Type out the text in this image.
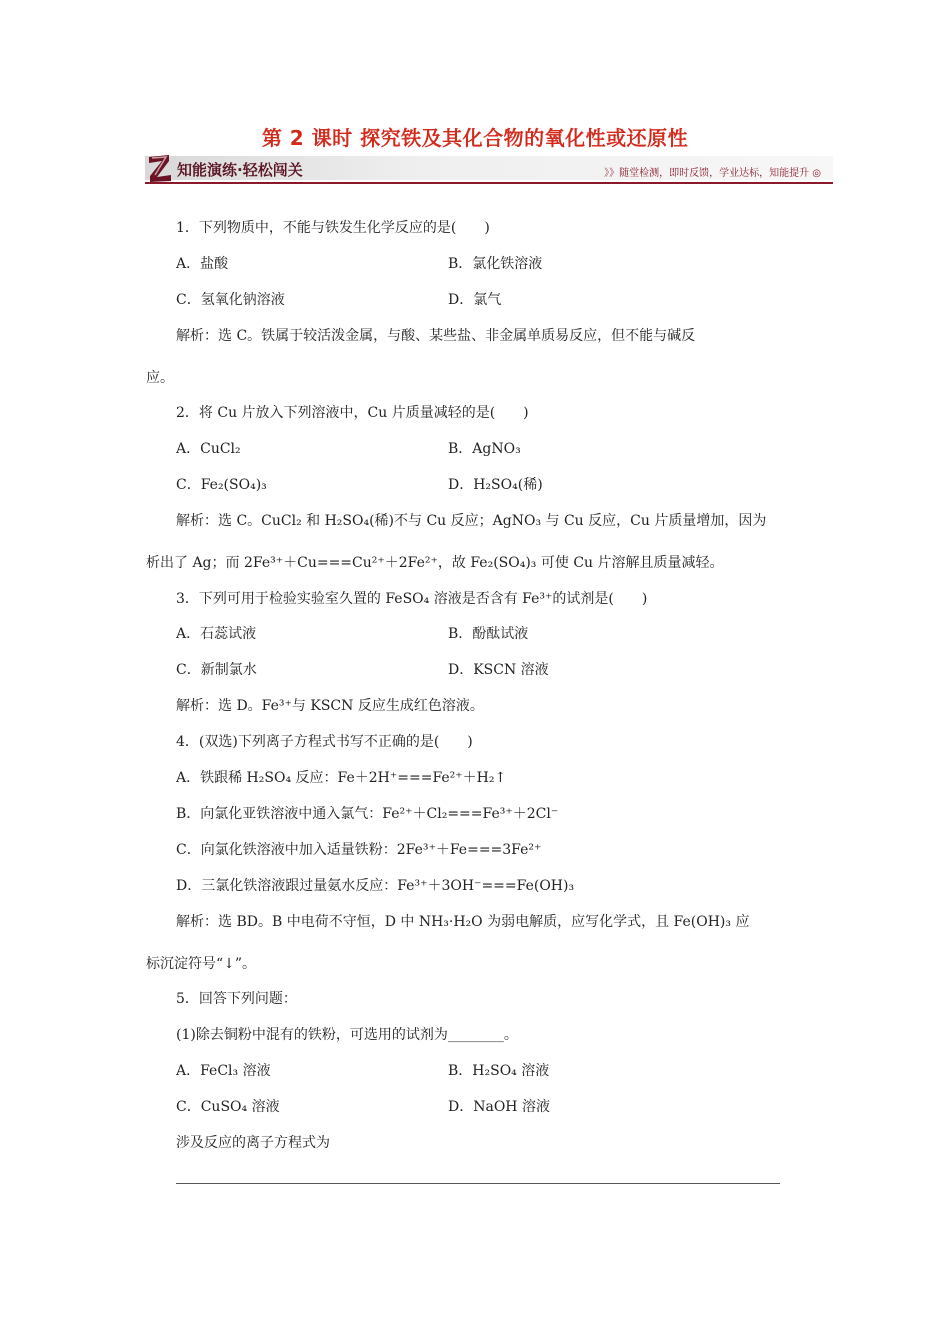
第 2 课时 探究铁及其化合物的氧化性或还原性
知能演练·轻松闯关	》》随堂检测，即时反馈，学业达标，知能提升 ◎
1．下列物质中，不能与铁发生化学反应的是(　　)
A．盐酸	B．氯化铁溶液
C．氢氧化钠溶液	D．氯气
解析：选 C。铁属于较活泼金属，与酸、某些盐、非金属单质易反应，但不能与碱反
应。
2．将 Cu 片放入下列溶液中，Cu 片质量减轻的是(　　)
A．CuCl₂	B．AgNO₃
C．Fe₂(SO₄)₃	D．H₂SO₄(稀)
解析：选 C。CuCl₂ 和 H₂SO₄(稀)不与 Cu 反应；AgNO₃ 与 Cu 反应，Cu 片质量增加，因为
析出了 Ag；而 2Fe³⁺＋Cu===Cu²⁺＋2Fe²⁺，故 Fe₂(SO₄)₃ 可使 Cu 片溶解且质量减轻。
3．下列可用于检验实验室久置的 FeSO₄ 溶液是否含有 Fe³⁺的试剂是(　　)
A．石蕊试液	B．酚酞试液
C．新制氯水	D．KSCN 溶液
解析：选 D。Fe³⁺与 KSCN 反应生成红色溶液。
4．(双选)下列离子方程式书写不正确的是(　　)
A．铁跟稀 H₂SO₄ 反应：Fe＋2H⁺===Fe²⁺＋H₂↑
B．向氯化亚铁溶液中通入氯气：Fe²⁺＋Cl₂===Fe³⁺＋2Cl⁻
C．向氯化铁溶液中加入适量铁粉：2Fe³⁺＋Fe===3Fe²⁺
D．三氯化铁溶液跟过量氨水反应：Fe³⁺＋3OH⁻===Fe(OH)₃
解析：选 BD。B 中电荷不守恒，D 中 NH₃·H₂O 为弱电解质，应写化学式，且 Fe(OH)₃ 应
标沉淀符号“↓”。
5．回答下列问题：
(1)除去铜粉中混有的铁粉，可选用的试剂为________。
A．FeCl₃ 溶液	B．H₂SO₄ 溶液
C．CuSO₄ 溶液	D．NaOH 溶液
涉及反应的离子方程式为
